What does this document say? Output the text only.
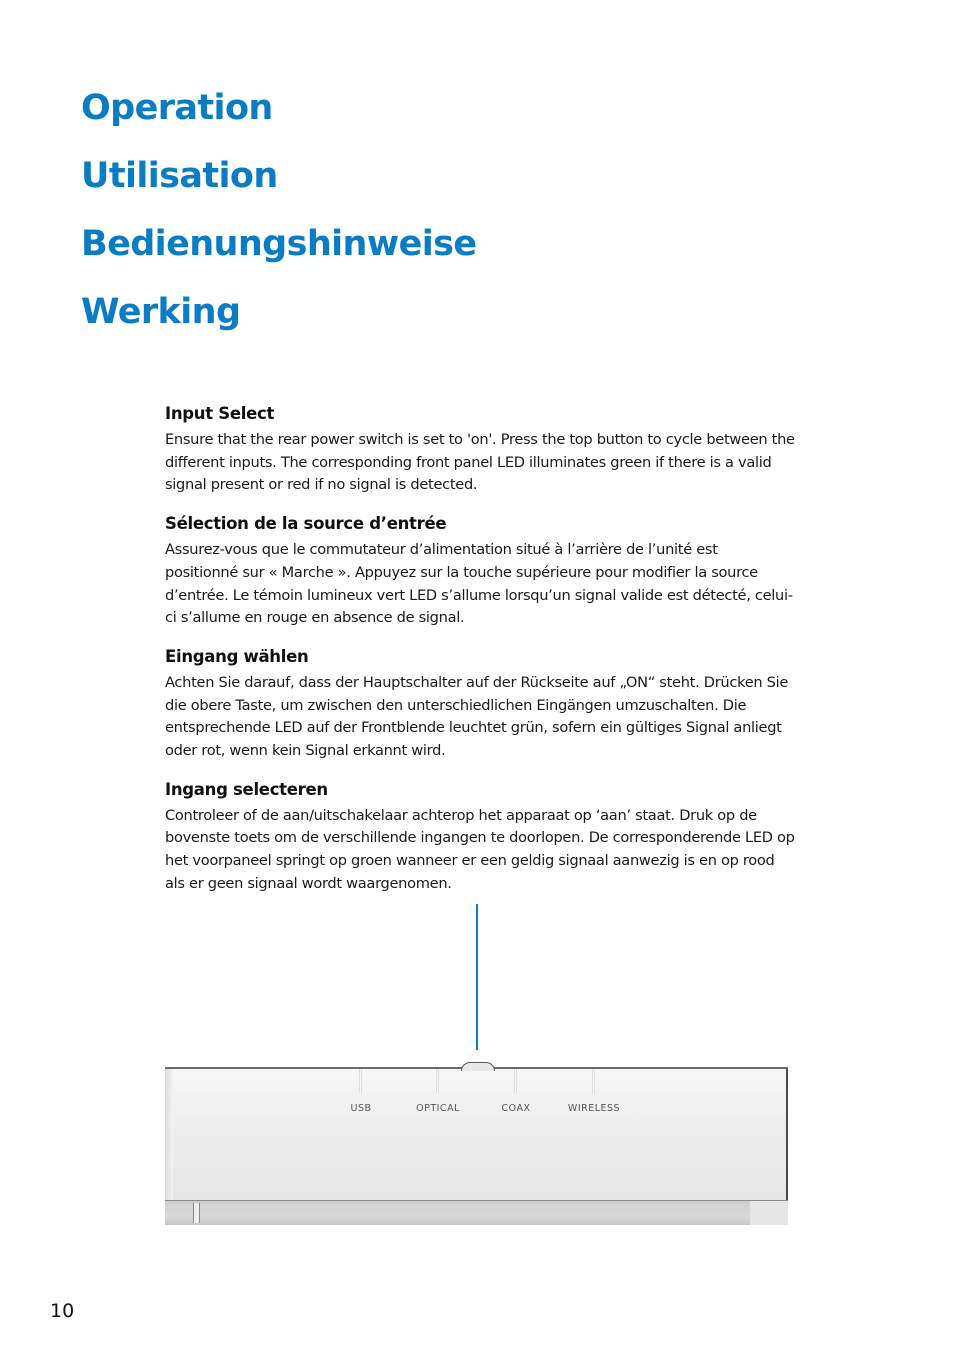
Operation
Utilisation
Bedienungshinweise
Werking
Input Select

Ensure that the rear power switch is set to 'on'. Press the top button to cycle between the different inputs. The corresponding front panel LED illuminates green if there is a valid signal present or red if no signal is detected.

Sélection de la source d’entrée

Assurez-vous que le commutateur d’alimentation situé à l’arrière de l’unité est positionné sur « Marche ». Appuyez sur la touche supérieure pour modifier la source d’entrée. Le témoin lumineux vert LED s’allume lorsqu’un signal valide est détecté, celui-ci s’allume en rouge en absence de signal.

Eingang wählen

Achten Sie darauf, dass der Hauptschalter auf der Rückseite auf „ON“ steht. Drücken Sie die obere Taste, um zwischen den unterschiedlichen Eingängen umzuschalten. Die entsprechende LED auf der Frontblende leuchtet grün, sofern ein gültiges Signal anliegt oder rot, wenn kein Signal erkannt wird.

Ingang selecteren

Controleer of de aan/uitschakelaar achterop het apparaat op ‘aan’ staat. Druk op de bovenste toets om de verschillende ingangen te doorlopen. De corresponderende LED op het voorpaneel springt op groen wanneer er een geldig signaal aanwezig is en op rood als er geen signaal wordt waargenomen.

USB	OPTICAL	COAX	WIRELESS
10
